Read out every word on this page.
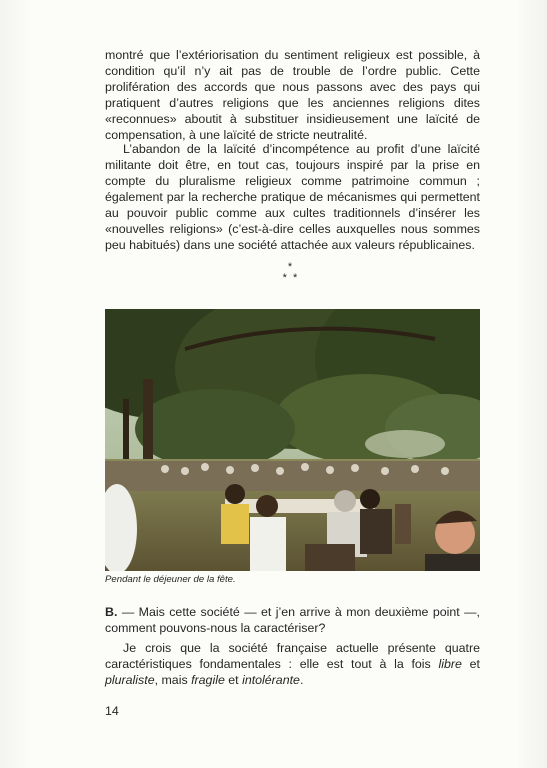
montré que l’extériorisation du sentiment religieux est possible, à condition qu’il n’y ait pas de trouble de l’ordre public. Cette prolifération des accords que nous passons avec des pays qui pratiquent d’autres religions que les anciennes religions dites «reconnues» aboutit à substituer insidieusement une laïcité de compensation, à une laïcité de stricte neutralité.

L’abandon de la laïcité d’incompétence au profit d’une laïcité militante doit être, en tout cas, toujours inspiré par la prise en compte du pluralisme religieux comme patrimoine commun ; également par la recherche pratique de mécanismes qui permettent au pouvoir public comme aux cultes traditionnels d’insérer les «nouvelles religions» (c’est-à-dire celles auxquelles nous sommes peu habitués) dans une société attachée aux valeurs républicaines.

*
*  *

Pendant le déjeuner de la fête.

B. — Mais cette société — et j’en arrive à mon deuxième point —, comment pouvons-nous la caractériser?

Je crois que la société française actuelle présente quatre caractéristiques fondamentales : elle est tout à la fois libre et pluraliste, mais fragile et intolérante.

14
